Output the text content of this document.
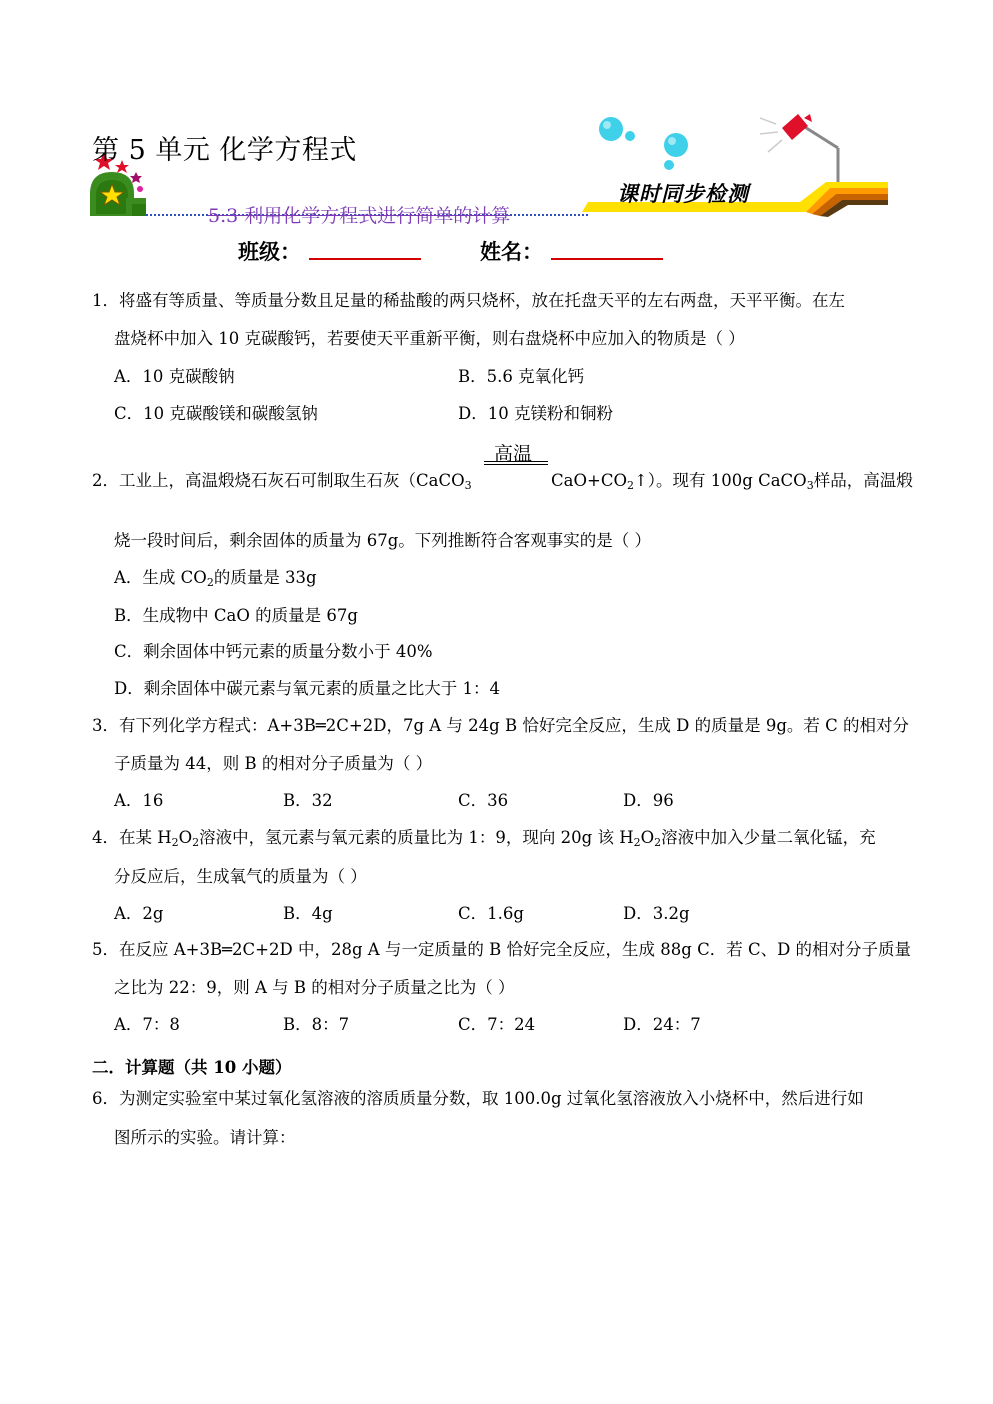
第 5 单元 化学方程式
课时同步检测
5.3 利用化学方程式进行简单的计算
班级：	姓名：
1．将盛有等质量、等质量分数且足量的稀盐酸的两只烧杯，放在托盘天平的左右两盘，天平平衡。在左
盘烧杯中加入 10 克碳酸钙，若要使天平重新平衡，则右盘烧杯中应加入的物质是（ ）
A．10 克碳酸钠	B．5.6 克氧化钙
C．10 克碳酸镁和碳酸氢钠	D．10 克镁粉和铜粉
高温
2．工业上，高温煅烧石灰石可制取生石灰（CaCO$_3$	$CaO+CO_2↑$）。现有 100g CaCO$_3$样品，高温煅
烧一段时间后，剩余固体的质量为 67g。下列推断符合客观事实的是（ ）
A．生成 $CO_2$的质量是 33g
B．生成物中 CaO 的质量是 67g
C．剩余固体中钙元素的质量分数小于 40%
D．剩余固体中碳元素与氧元素的质量之比大于 1：4
3．有下列化学方程式：A+3B═2C+2D，7g A 与 24g B 恰好完全反应，生成 D 的质量是 9g。若 C 的相对分
子质量为 44，则 B 的相对分子质量为（ ）
A．16	B．32	C．36	D．96
4．在某 $H_2O_2$溶液中，氢元素与氧元素的质量比为 1：9，现向 20g 该 $H_2O_2$溶液中加入少量二氧化锰，充
分反应后，生成氧气的质量为（ ）
A．2g	B．4g	C．1.6g	D．3.2g
5．在反应 A+3B═2C+2D 中，28g A 与一定质量的 B 恰好完全反应，生成 88g C．若 C、D 的相对分子质量
之比为 22：9，则 A 与 B 的相对分子质量之比为（ ）
A．7：8	B．8：7	C．7：24	D．24：7
二．计算题（共 10 小题）
6．为测定实验室中某过氧化氢溶液的溶质质量分数，取 100.0g 过氧化氢溶液放入小烧杯中，然后进行如
图所示的实验。请计算：
